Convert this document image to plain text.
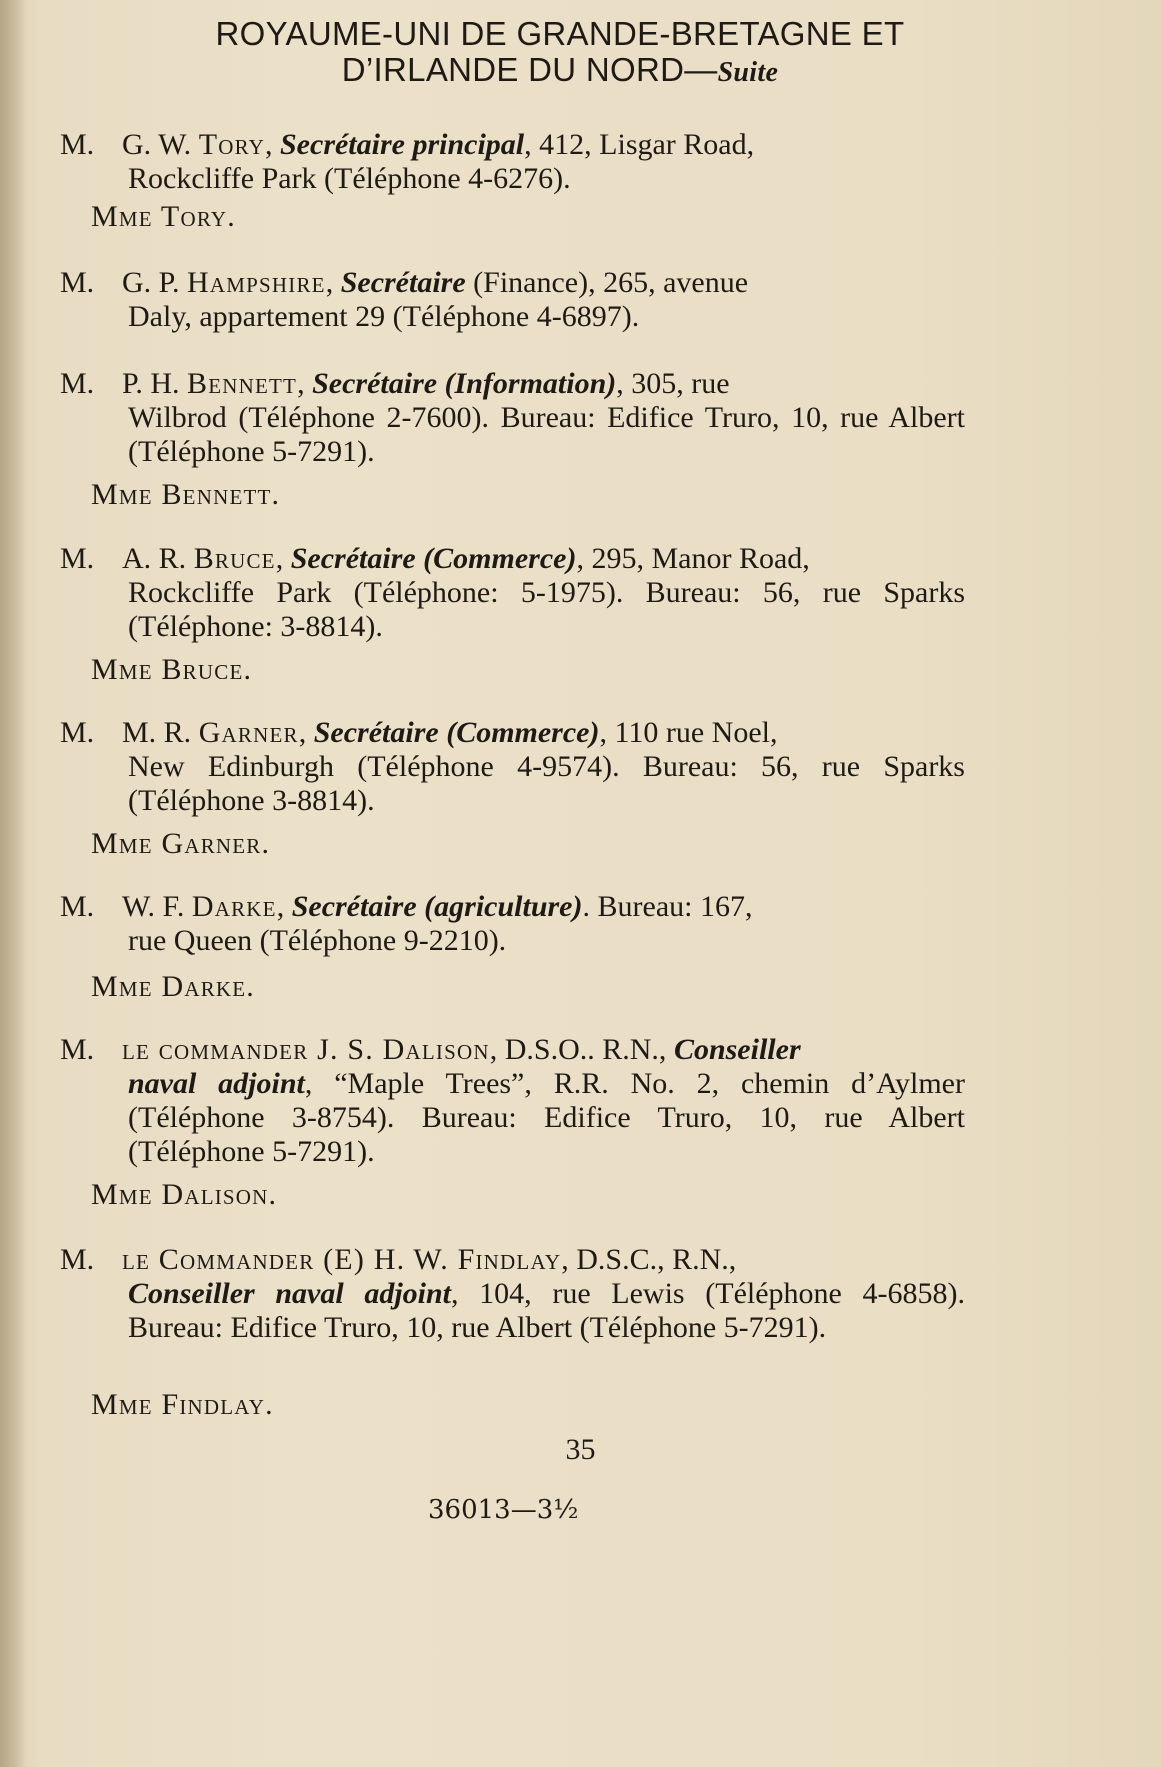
ROYAUME-UNI DE GRANDE-BRETAGNE ET
D’IRLANDE DU NORD—Suite
M. G. W. Tory, Secrétaire principal, 412, Lisgar Road,
Rockcliffe Park (Téléphone 4-6276).
Mme Tory.
M. G. P. Hampshire, Secrétaire (Finance), 265, avenue
Daly, appartement 29 (Téléphone 4-6897).
M. P. H. Bennett, Secrétaire (Information), 305, rue
Wilbrod (Téléphone 2-7600). Bureau: Edifice Truro, 10, rue Albert (Téléphone 5-7291).
Mme Bennett.
M. A. R. Bruce, Secrétaire (Commerce), 295, Manor Road,
Rockcliffe Park (Téléphone: 5-1975). Bureau: 56, rue Sparks (Téléphone: 3-8814).
Mme Bruce.
M. M. R. Garner, Secrétaire (Commerce), 110 rue Noel,
New Edinburgh (Téléphone 4-9574). Bureau: 56, rue Sparks (Téléphone 3-8814).
Mme Garner.
M. W. F. Darke, Secrétaire (agriculture). Bureau: 167,
rue Queen (Téléphone 9-2210).
Mme Darke.
M. le commander J. S. Dalison, D.S.O.. R.N., Conseiller
naval adjoint, “Maple Trees”, R.R. No. 2, chemin d’Aylmer (Téléphone 3-8754). Bureau: Edifice Truro, 10, rue Albert (Téléphone 5-7291).
Mme Dalison.
M. le Commander (E) H. W. Findlay, D.S.C., R.N.,
Conseiller naval adjoint, 104, rue Lewis (Téléphone 4-6858). Bureau: Edifice Truro, 10, rue Albert (Téléphone 5-7291).
Mme Findlay.
35
36013—3½
